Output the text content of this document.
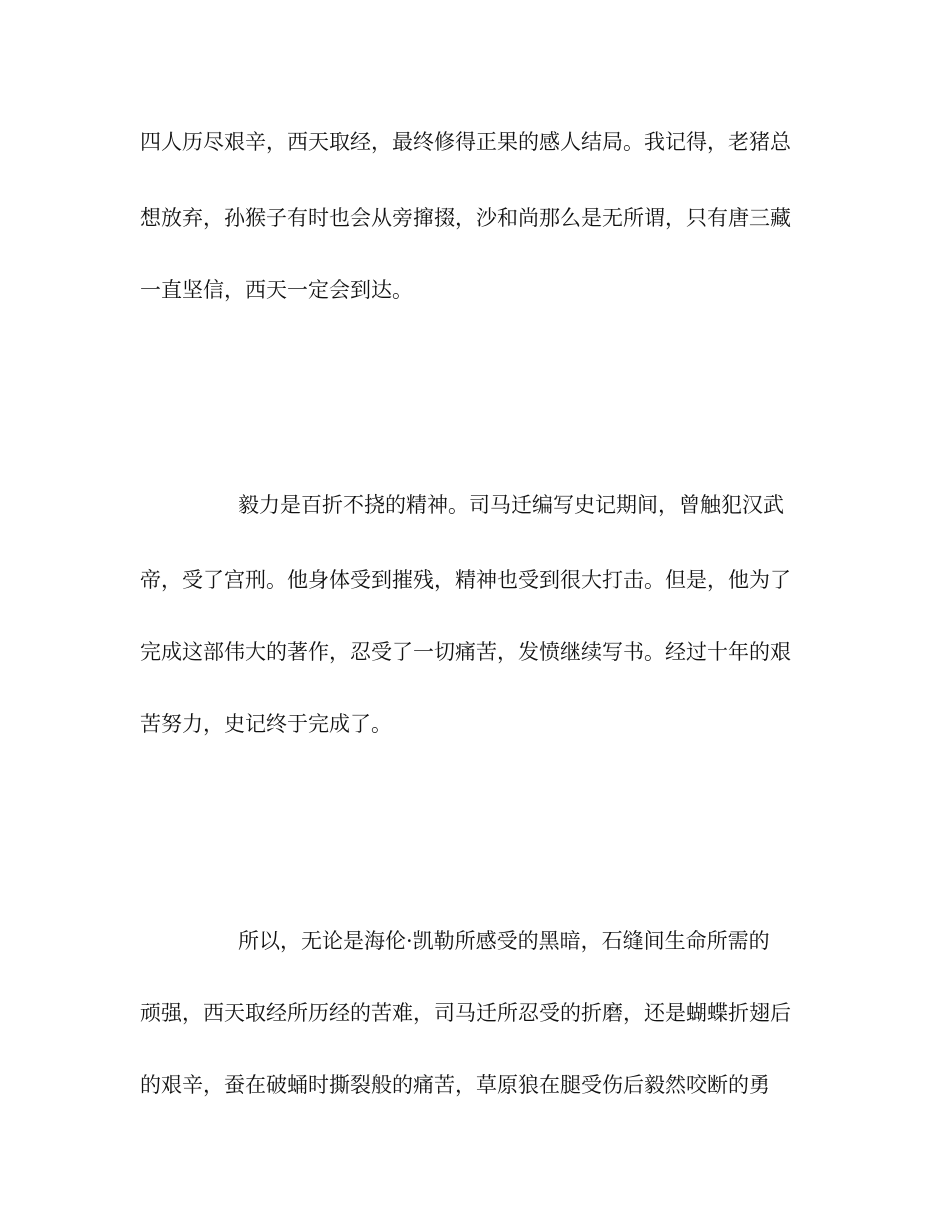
四人历尽艰辛，西天取经，最终修得正果的感人结局。我记得，老猪总

想放弃，孙猴子有时也会从旁撺掇，沙和尚那么是无所谓，只有唐三藏

一直坚信，西天一定会到达。

毅力是百折不挠的精神。司马迁编写史记期间，曾触犯汉武

帝，受了宫刑。他身体受到摧残，精神也受到很大打击。但是，他为了

完成这部伟大的著作，忍受了一切痛苦，发愤继续写书。经过十年的艰

苦努力，史记终于完成了。

所以，无论是海伦·凯勒所感受的黑暗，石缝间生命所需的

顽强，西天取经所历经的苦难，司马迁所忍受的折磨，还是蝴蝶折翅后

的艰辛，蚕在破蛹时撕裂般的痛苦，草原狼在腿受伤后毅然咬断的勇
